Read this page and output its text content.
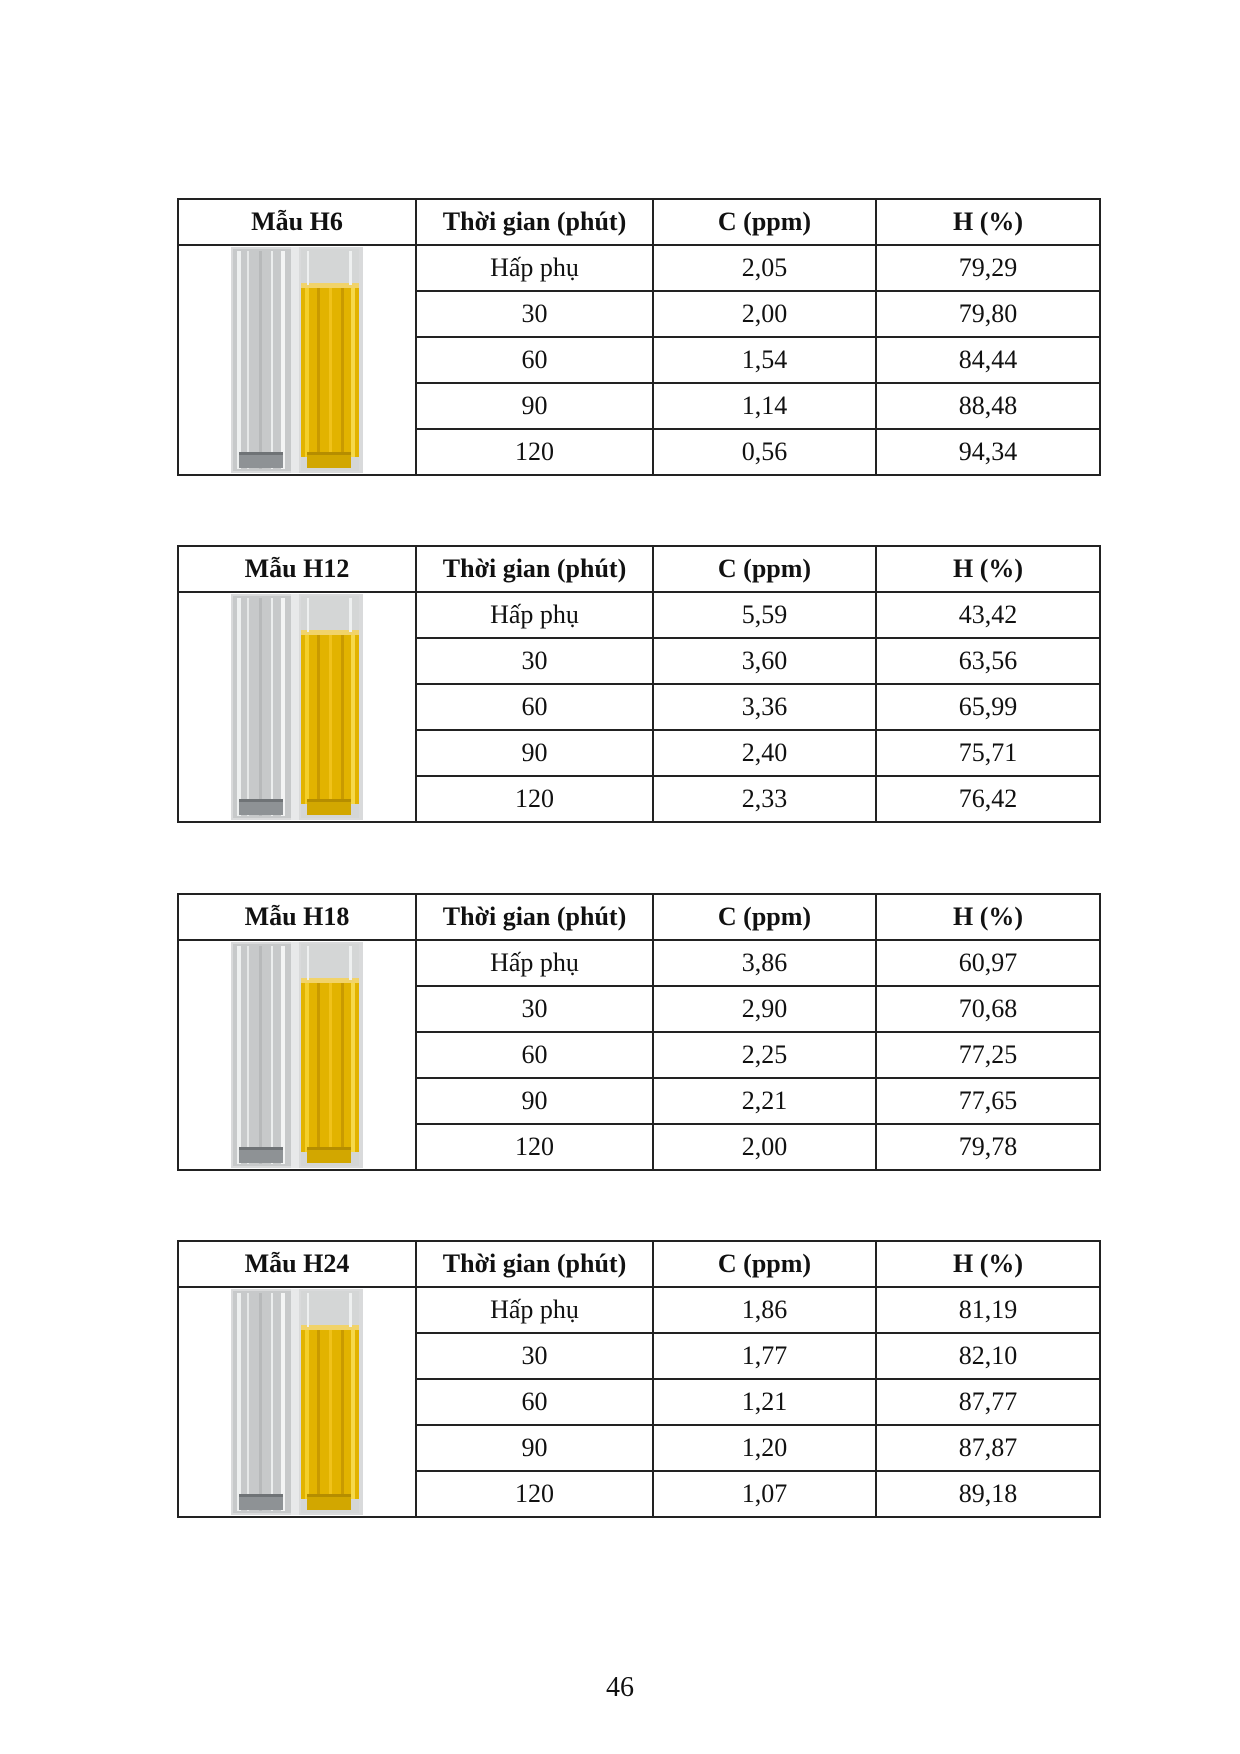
Mẫu H6	Thời gian (phút)	C (ppm)	H (%)

	Hấp phụ	2,05	79,29
	30	2,00	79,80
	60	1,54	84,44
	90	1,14	88,48
	120	0,56	94,34
Mẫu H12	Thời gian (phút)	C (ppm)	H (%)

	Hấp phụ	5,59	43,42
	30	3,60	63,56
	60	3,36	65,99
	90	2,40	75,71
	120	2,33	76,42
Mẫu H18	Thời gian (phút)	C (ppm)	H (%)

	Hấp phụ	3,86	60,97
	30	2,90	70,68
	60	2,25	77,25
	90	2,21	77,65
	120	2,00	79,78
Mẫu H24	Thời gian (phút)	C (ppm)	H (%)

	Hấp phụ	1,86	81,19
	30	1,77	82,10
	60	1,21	87,77
	90	1,20	87,87
	120	1,07	89,18
46
